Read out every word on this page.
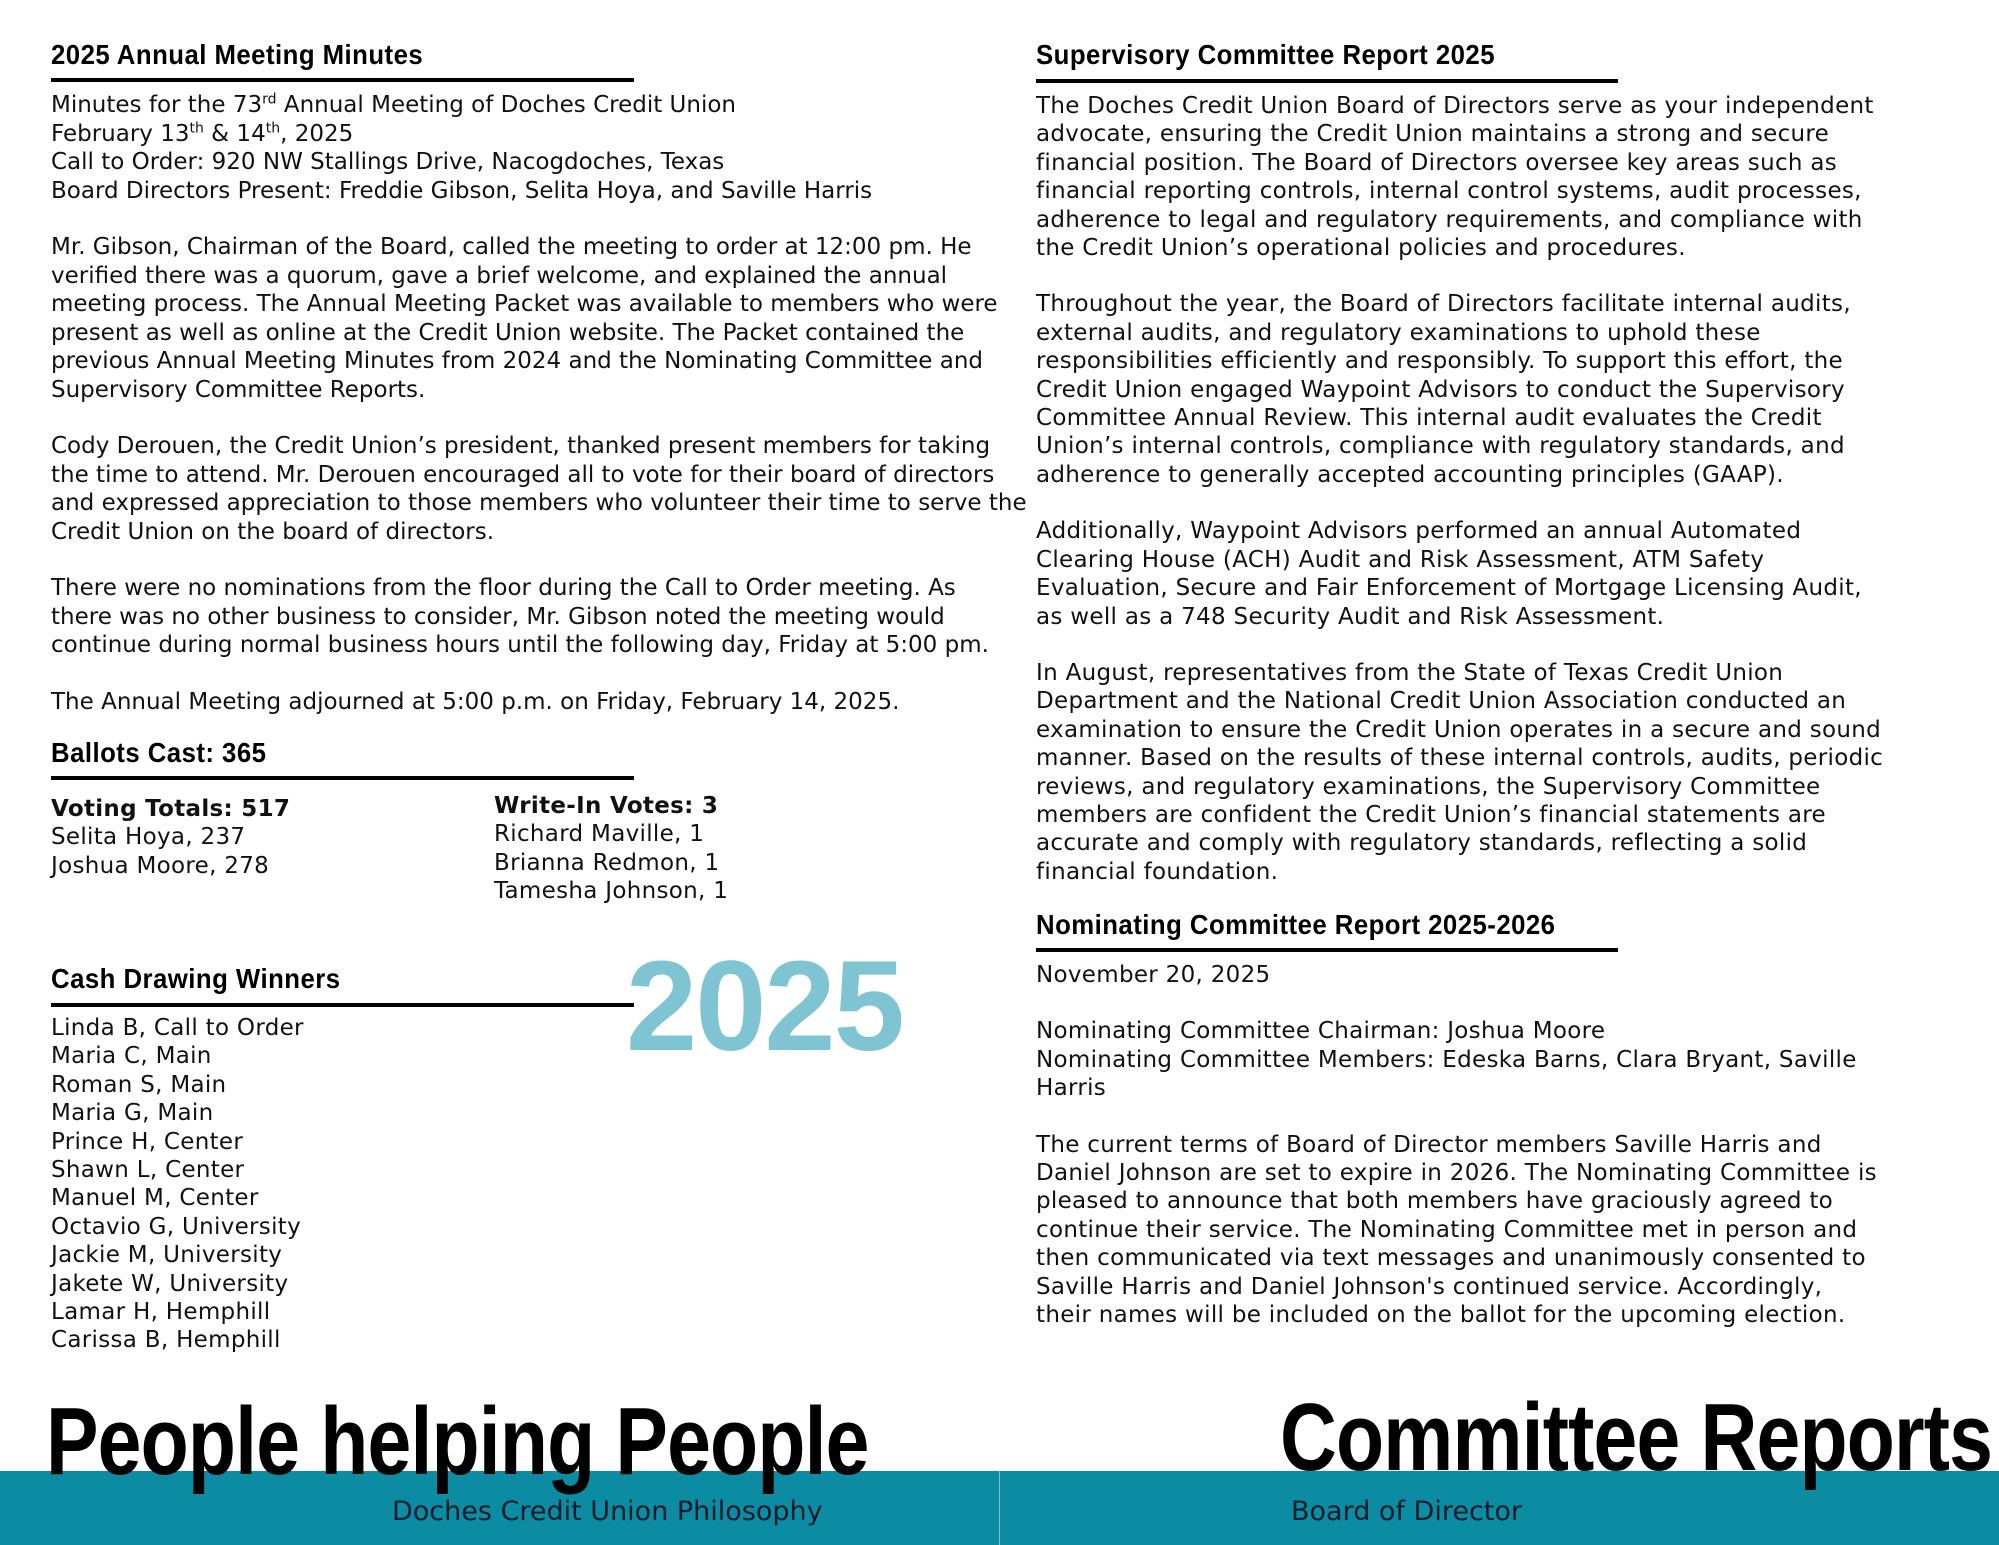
2025 Annual Meeting Minutes
Minutes for the 73rd Annual Meeting of Doches Credit Union
February 13th & 14th, 2025
Call to Order: 920 NW Stallings Drive, Nacogdoches, Texas
Board Directors Present: Freddie Gibson, Selita Hoya, and Saville Harris
Mr. Gibson, Chairman of the Board, called the meeting to order at 12:00 pm. He
verified there was a quorum, gave a brief welcome, and explained the annual
meeting process. The Annual Meeting Packet was available to members who were
present as well as online at the Credit Union website. The Packet contained the
previous Annual Meeting Minutes from 2024 and the Nominating Committee and
Supervisory Committee Reports.
Cody Derouen, the Credit Union’s president, thanked present members for taking
the time to attend. Mr. Derouen encouraged all to vote for their board of directors
and expressed appreciation to those members who volunteer their time to serve the
Credit Union on the board of directors.
There were no nominations from the floor during the Call to Order meeting. As
there was no other business to consider, Mr. Gibson noted the meeting would
continue during normal business hours until the following day, Friday at 5:00 pm.
The Annual Meeting adjourned at 5:00 p.m. on Friday, February 14, 2025.
Ballots Cast: 365
Voting Totals: 517
Selita Hoya, 237
Joshua Moore, 278
Write-In Votes: 3
Richard Maville, 1
Brianna Redmon, 1
Tamesha Johnson, 1
Cash Drawing Winners 2025
Linda B, Call to Order
Maria C, Main
Roman S, Main
Maria G, Main
Prince H, Center
Shawn L, Center
Manuel M, Center
Octavio G, University
Jackie M, University
Jakete W, University
Lamar H, Hemphill
Carissa B, Hemphill
Supervisory Committee Report 2025
The Doches Credit Union Board of Directors serve as your independent
advocate, ensuring the Credit Union maintains a strong and secure
financial position. The Board of Directors oversee key areas such as
financial reporting controls, internal control systems, audit processes,
adherence to legal and regulatory requirements, and compliance with
the Credit Union’s operational policies and procedures.
Throughout the year, the Board of Directors facilitate internal audits,
external audits, and regulatory examinations to uphold these
responsibilities efficiently and responsibly. To support this effort, the
Credit Union engaged Waypoint Advisors to conduct the Supervisory
Committee Annual Review. This internal audit evaluates the Credit
Union’s internal controls, compliance with regulatory standards, and
adherence to generally accepted accounting principles (GAAP).
Additionally, Waypoint Advisors performed an annual Automated
Clearing House (ACH) Audit and Risk Assessment, ATM Safety
Evaluation, Secure and Fair Enforcement of Mortgage Licensing Audit,
as well as a 748 Security Audit and Risk Assessment.
In August, representatives from the State of Texas Credit Union
Department and the National Credit Union Association conducted an
examination to ensure the Credit Union operates in a secure and sound
manner. Based on the results of these internal controls, audits, periodic
reviews, and regulatory examinations, the Supervisory Committee
members are confident the Credit Union’s financial statements are
accurate and comply with regulatory standards, reflecting a solid
financial foundation.
Nominating Committee Report 2025-2026
November 20, 2025
Nominating Committee Chairman: Joshua Moore
Nominating Committee Members: Edeska Barns, Clara Bryant, Saville
Harris
The current terms of Board of Director members Saville Harris and
Daniel Johnson are set to expire in 2026. The Nominating Committee is
pleased to announce that both members have graciously agreed to
continue their service. The Nominating Committee met in person and
then communicated via text messages and unanimously consented to
Saville Harris and Daniel Johnson's continued service. Accordingly,
their names will be included on the ballot for the upcoming election.
People helping People	Committee Reports
Doches Credit Union Philosophy	Board of Director
